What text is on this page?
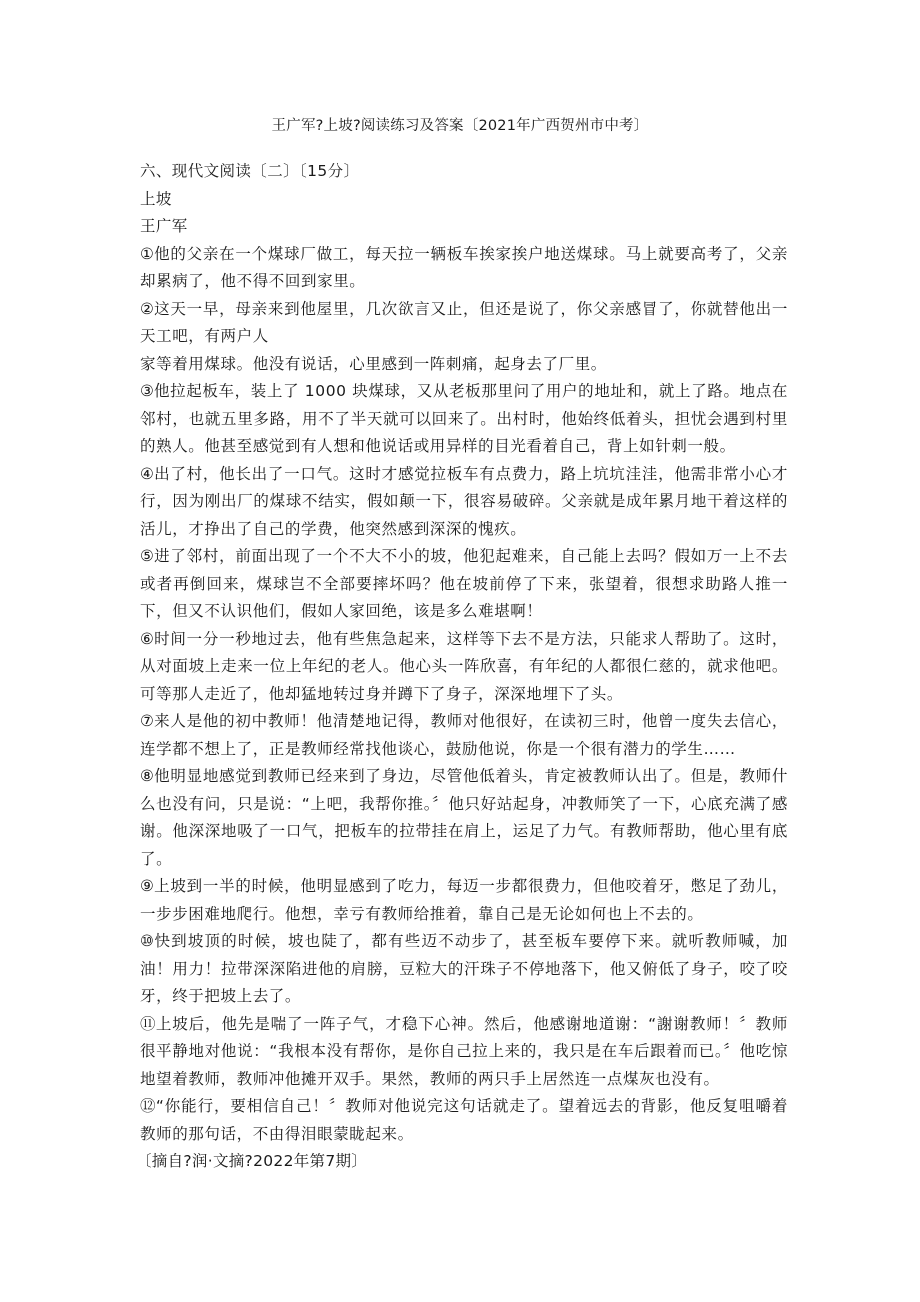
王广军?上坡?阅读练习及答案〔2021年广西贺州市中考〕
六、现代文阅读〔二〕〔15分〕
上坡
王广军
①他的父亲在一个煤球厂做工，每天拉一辆板车挨家挨户地送煤球。马上就要高考了，父亲却累病了，他不得不回到家里。
②这天一早，母亲来到他屋里，几次欲言又止，但还是说了，你父亲感冒了，你就替他出一天工吧，有两户人
家等着用煤球。他没有说话，心里感到一阵刺痛，起身去了厂里。
③他拉起板车，装上了 1000 块煤球，又从老板那里问了用户的地址和，就上了路。地点在邻村，也就五里多路，用不了半天就可以回来了。出村时，他始终低着头，担忧会遇到村里的熟人。他甚至感觉到有人想和他说话或用异样的目光看着自己，背上如针刺一般。
④出了村，他长出了一口气。这时才感觉拉板车有点费力，路上坑坑洼洼，他需非常小心才行，因为刚出厂的煤球不结实，假如颠一下，很容易破碎。父亲就是成年累月地干着这样的活儿，才挣出了自己的学费，他突然感到深深的愧疚。
⑤进了邻村，前面出现了一个不大不小的坡，他犯起难来，自己能上去吗？假如万一上不去或者再倒回来，煤球岂不全部要摔坏吗？他在坡前停了下来，张望着，很想求助路人推一下，但又不认识他们，假如人家回绝，该是多么难堪啊！
⑥时间一分一秒地过去，他有些焦急起来，这样等下去不是方法，只能求人帮助了。这时，从对面坡上走来一位上年纪的老人。他心头一阵欣喜，有年纪的人都很仁慈的，就求他吧。可等那人走近了，他却猛地转过身并蹲下了身子，深深地埋下了头。
⑦来人是他的初中教师！他清楚地记得，教师对他很好，在读初三时，他曾一度失去信心，连学都不想上了，正是教师经常找他谈心，鼓励他说，你是一个很有潜力的学生……
⑧他明显地感觉到教师已经来到了身边，尽管他低着头，肯定被教师认出了。但是，教师什么也没有问，只是说：“上吧，我帮你推。〞他只好站起身，冲教师笑了一下，心底充满了感谢。他深深地吸了一口气，把板车的拉带挂在肩上，运足了力气。有教师帮助，他心里有底了。
⑨上坡到一半的时候，他明显感到了吃力，每迈一步都很费力，但他咬着牙，憋足了劲儿，一步步困难地爬行。他想，幸亏有教师给推着，靠自己是无论如何也上不去的。
⑩快到坡顶的时候，坡也陡了，都有些迈不动步了，甚至板车要停下来。就听教师喊，加油！用力！拉带深深陷进他的肩膀，豆粒大的汗珠子不停地落下，他又俯低了身子，咬了咬牙，终于把坡上去了。
⑪上坡后，他先是喘了一阵子气，才稳下心神。然后，他感谢地道谢：“謝谢教师！〞教师很平静地对他说：“我根本没有帮你，是你自己拉上来的，我只是在车后跟着而已。〞他吃惊地望着教师，教师冲他摊开双手。果然，教师的两只手上居然连一点煤灰也没有。
⑫“你能行，要相信自己！〞教师对他说完这句话就走了。望着远去的背影，他反复咀嚼着教师的那句话，不由得泪眼蒙眬起来。
〔摘自?润·文摘?2022年第7期〕
